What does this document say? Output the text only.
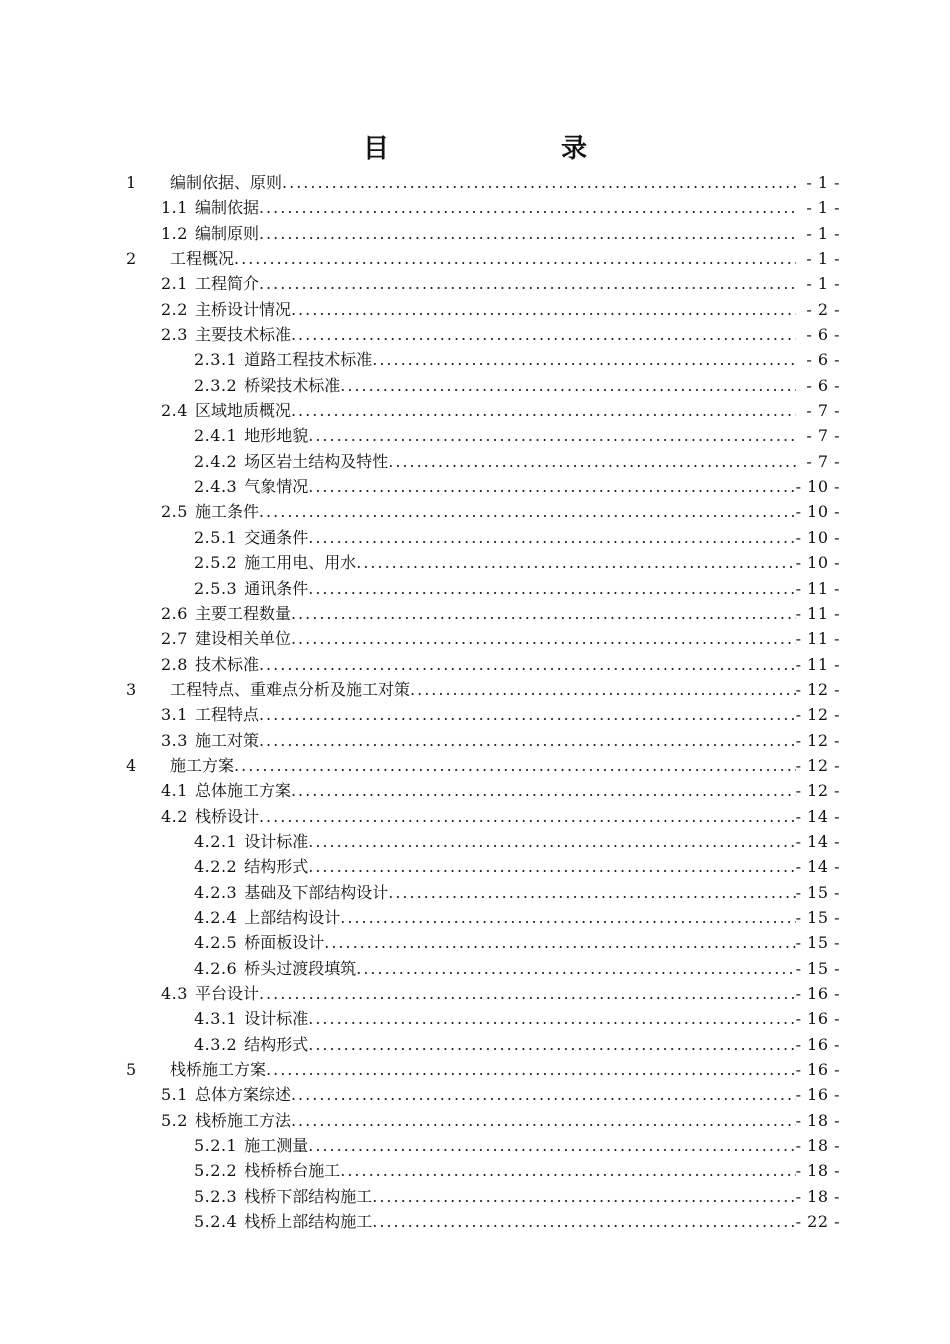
目　　录
1	编制依据、原则 .....	- 1 -
1.1 编制依据 .....	- 1 -
1.2 编制原则 .....	- 1 -
2	工程概况 .....	- 1 -
2.1 工程简介 .....	- 1 -
2.2 主桥设计情况 .....	- 2 -
2.3 主要技术标准 .....	- 6 -
2.3.1 道路工程技术标准 .....	- 6 -
2.3.2 桥梁技术标准 .....	- 6 -
2.4 区域地质概况 .....	- 7 -
2.4.1 地形地貌 .....	- 7 -
2.4.2 场区岩土结构及特性 .....	- 7 -
2.4.3 气象情况 .....	- 10 -
2.5 施工条件 .....	- 10 -
2.5.1 交通条件 .....	- 10 -
2.5.2 施工用电、用水 .....	- 10 -
2.5.3 通讯条件 .....	- 11 -
2.6 主要工程数量 .....	- 11 -
2.7 建设相关单位 .....	- 11 -
2.8 技术标准 .....	- 11 -
3	工程特点、重难点分析及施工对策 .....	- 12 -
3.1 工程特点 .....	- 12 -
3.3 施工对策 .....	- 12 -
4	施工方案 .....	- 12 -
4.1 总体施工方案 .....	- 12 -
4.2 栈桥设计 .....	- 14 -
4.2.1 设计标准 .....	- 14 -
4.2.2 结构形式 .....	- 14 -
4.2.3 基础及下部结构设计 .....	- 15 -
4.2.4 上部结构设计 .....	- 15 -
4.2.5 桥面板设计 .....	- 15 -
4.2.6 桥头过渡段填筑 .....	- 15 -
4.3 平台设计 .....	- 16 -
4.3.1 设计标准 .....	- 16 -
4.3.2 结构形式 .....	- 16 -
5	栈桥施工方案 .....	- 16 -
5.1 总体方案综述 .....	- 16 -
5.2 栈桥施工方法 .....	- 18 -
5.2.1 施工测量 .....	- 18 -
5.2.2 栈桥桥台施工 .....	- 18 -
5.2.3 栈桥下部结构施工 .....	- 18 -
5.2.4 栈桥上部结构施工 .....	- 22 -
